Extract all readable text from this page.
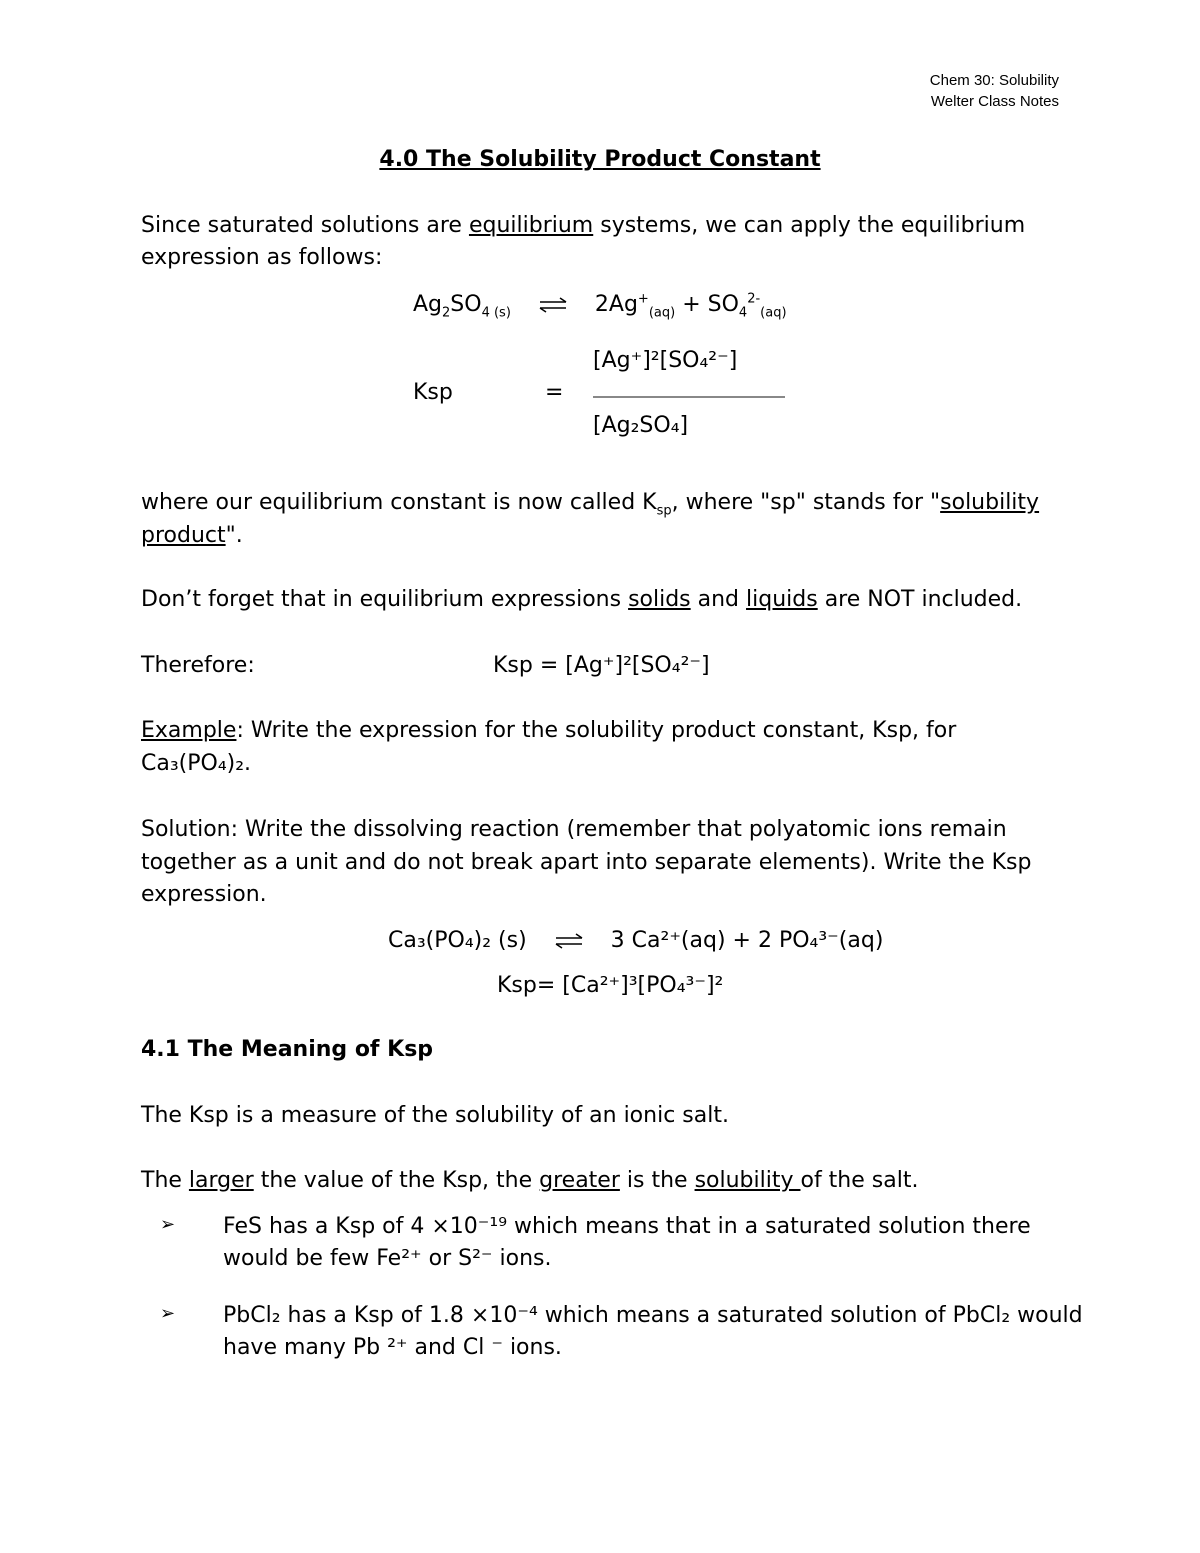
Chem 30: Solubility
Welter Class Notes
4.0 The Solubility Product Constant
Since saturated solutions are equilibrium systems, we can apply the equilibrium
expression as follows:
$Ag_2SO_{4 (s)}$ ⇌ $2Ag^+_{(aq)} + SO_4^{2-}_{(aq)}$
[Ag⁺]²[SO₄²⁻]
Ksp	=
[Ag₂SO₄]
where our equilibrium constant is now called $K_{sp}$, where "sp" stands for "solubility
product".
Don’t forget that in equilibrium expressions solids and liquids are NOT included.
Therefore:	Ksp = [Ag⁺]²[SO₄²⁻]
Example: Write the expression for the solubility product constant, Ksp, for
Ca₃(PO₄)₂.
Solution: Write the dissolving reaction (remember that polyatomic ions remain
together as a unit and do not break apart into separate elements). Write the Ksp
expression.
Ca₃(PO₄)₂ (s) ⇌ 3 Ca²⁺(aq) + 2 PO₄³⁻(aq)
Ksp= [Ca²⁺]³[PO₄³⁻]²
4.1 The Meaning of Ksp
The Ksp is a measure of the solubility of an ionic salt.
The larger the value of the Ksp, the greater is the solubility of the salt.
➢ FeS has a Ksp of 4 ×10⁻¹⁹ which means that in a saturated solution there
would be few Fe²⁺ or S²⁻ ions.
➢ PbCl₂ has a Ksp of 1.8 ×10⁻⁴ which means a saturated solution of PbCl₂ would
have many Pb ²⁺ and Cl ⁻ ions.
